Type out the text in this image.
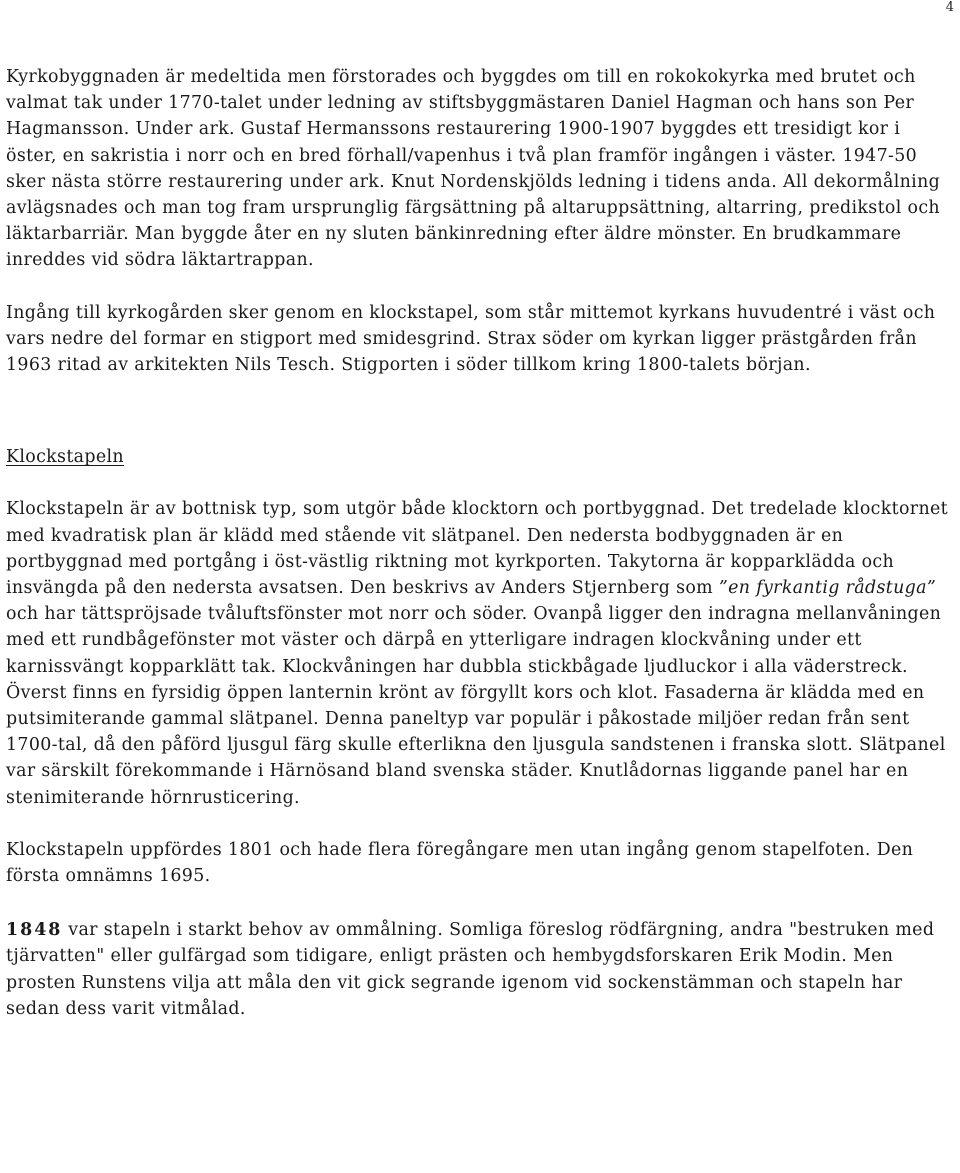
4

Kyrkobyggnaden är medeltida men förstorades och byggdes om till en rokokokyrka med brutet och valmat tak under 1770-talet under ledning av stiftsbyggmästaren Daniel Hagman och hans son Per Hagmansson. Under ark. Gustaf Hermanssons restaurering 1900-1907 byggdes ett tresidigt kor i öster, en sakristia i norr och en bred förhall/vapenhus i två plan framför ingången i väster. 1947-50 sker nästa större restaurering under ark. Knut Nordenskjölds ledning i tidens anda. All dekormålning avlägsnades och man tog fram ursprunglig färgsättning på altaruppsättning, altarring, predikstol och läktarbarriär. Man byggde åter en ny sluten bänkinredning efter äldre mönster. En brudkammare inreddes vid södra läktartrappan.

Ingång till kyrkogården sker genom en klockstapel, som står mittemot kyrkans huvudentré i väst och vars nedre del formar en stigport med smidesgrind. Strax söder om kyrkan ligger prästgården från 1963 ritad av arkitekten Nils Tesch. Stigporten i söder tillkom kring 1800-talets början.

Klockstapeln

Klockstapeln är av bottnisk typ, som utgör både klocktorn och portbyggnad. Det tredelade klocktornet med kvadratisk plan är klädd med stående vit slätpanel. Den nedersta bodbyggnaden är en portbyggnad med portgång i öst-västlig riktning mot kyrkporten. Takytorna är kopparklädda och insvängda på den nedersta avsatsen. Den beskrivs av Anders Stjernberg som ”en fyrkantig rådstuga” och har tättspröjsade tvåluftsfönster mot norr och söder. Ovanpå ligger den indragna mellanvåningen med ett rundbågefönster mot väster och därpå en ytterligare indragen klockvåning under ett karnissvängt kopparklätt tak. Klockvåningen har dubbla stickbågade ljudluckor i alla väderstreck. Överst finns en fyrsidig öppen lanternin krönt av förgyllt kors och klot. Fasaderna är klädda med en putsimiterande gammal slätpanel. Denna paneltyp var populär i påkostade miljöer redan från sent 1700-tal, då den påförd ljusgul färg skulle efterlikna den ljusgula sandstenen i franska slott. Slätpanel var särskilt förekommande i Härnösand bland svenska städer. Knutlådornas liggande panel har en stenimiterande hörnrusticering.

Klockstapeln uppfördes 1801 och hade flera föregångare men utan ingång genom stapelfoten. Den första omnämns 1695.

1848 var stapeln i starkt behov av ommålning. Somliga föreslog rödfärgning, andra "bestruken med tjärvatten" eller gulfärgad som tidigare, enligt prästen och hembygdsforskaren Erik Modin. Men prosten Runstens vilja att måla den vit gick segrande igenom vid sockenstämman och stapeln har sedan dess varit vitmålad.
